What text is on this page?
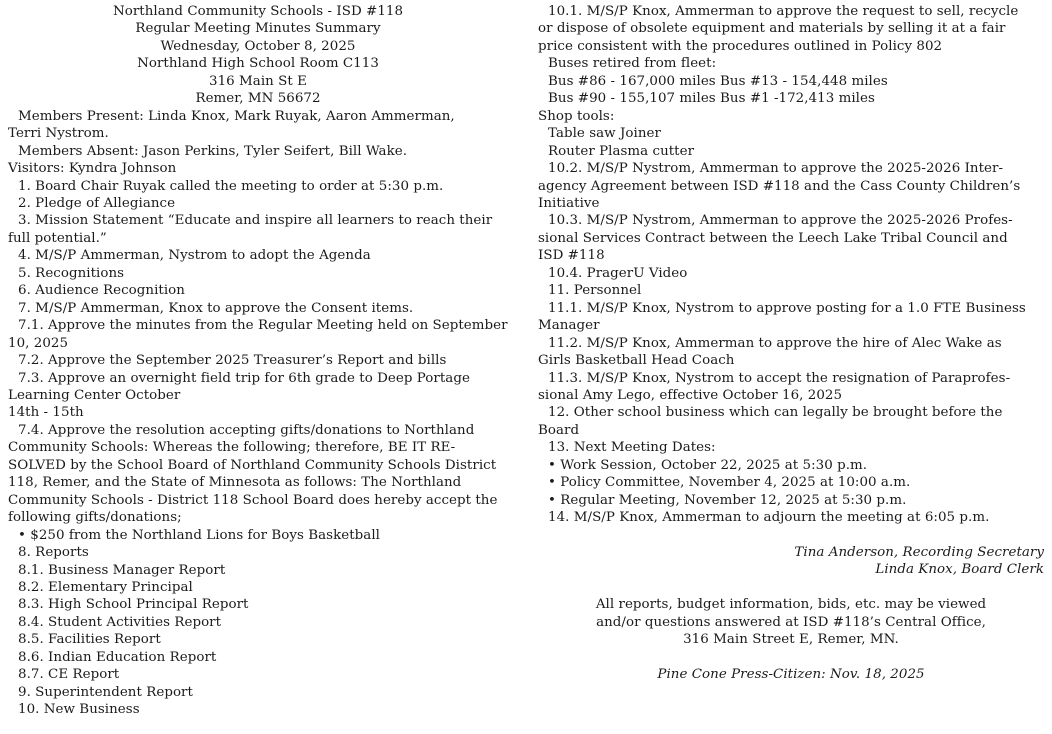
Northland Community Schools - ISD #118
Regular Meeting Minutes Summary
Wednesday, October 8, 2025
Northland High School Room C113
316 Main St E
Remer, MN 56672
Members Present: Linda Knox, Mark Ruyak, Aaron Ammerman,
Terri Nystrom.
Members Absent: Jason Perkins, Tyler Seifert, Bill Wake.
Visitors: Kyndra Johnson
1. Board Chair Ruyak called the meeting to order at 5:30 p.m.
2. Pledge of Allegiance
3. Mission Statement “Educate and inspire all learners to reach their
full potential.”
4. M/S/P Ammerman, Nystrom to adopt the Agenda
5. Recognitions
6. Audience Recognition
7. M/S/P Ammerman, Knox to approve the Consent items.
7.1. Approve the minutes from the Regular Meeting held on September
10, 2025
7.2. Approve the September 2025 Treasurer’s Report and bills
7.3. Approve an overnight field trip for 6th grade to Deep Portage
Learning Center October
14th - 15th
7.4. Approve the resolution accepting gifts/donations to Northland
Community Schools: Whereas the following; therefore, BE IT RE-
SOLVED by the School Board of Northland Community Schools District
118, Remer, and the State of Minnesota as follows: The Northland
Community Schools - District 118 School Board does hereby accept the
following gifts/donations;
• $250 from the Northland Lions for Boys Basketball
8. Reports
8.1. Business Manager Report
8.2. Elementary Principal
8.3. High School Principal Report
8.4. Student Activities Report
8.5. Facilities Report
8.6. Indian Education Report
8.7. CE Report
9. Superintendent Report
10. New Business
10.1. M/S/P Knox, Ammerman to approve the request to sell, recycle
or dispose of obsolete equipment and materials by selling it at a fair
price consistent with the procedures outlined in Policy 802
Buses retired from fleet:
Bus #86 - 167,000 miles Bus #13 - 154,448 miles
Bus #90 - 155,107 miles Bus #1 -172,413 miles
Shop tools:
Table saw Joiner
Router Plasma cutter
10.2. M/S/P Nystrom, Ammerman to approve the 2025-2026 Inter-
agency Agreement between ISD #118 and the Cass County Children’s
Initiative
10.3. M/S/P Nystrom, Ammerman to approve the 2025-2026 Profes-
sional Services Contract between the Leech Lake Tribal Council and
ISD #118
10.4. PragerU Video
11. Personnel
11.1. M/S/P Knox, Nystrom to approve posting for a 1.0 FTE Business
Manager
11.2. M/S/P Knox, Ammerman to approve the hire of Alec Wake as
Girls Basketball Head Coach
11.3. M/S/P Knox, Nystrom to accept the resignation of Paraprofes-
sional Amy Lego, effective October 16, 2025
12. Other school business which can legally be brought before the
Board
13. Next Meeting Dates:
• Work Session, October 22, 2025 at 5:30 p.m.
• Policy Committee, November 4, 2025 at 10:00 a.m.
• Regular Meeting, November 12, 2025 at 5:30 p.m.
14. M/S/P Knox, Ammerman to adjourn the meeting at 6:05 p.m.
Tina Anderson, Recording Secretary
Linda Knox, Board Clerk
All reports, budget information, bids, etc. may be viewed
and/or questions answered at ISD #118’s Central Office,
316 Main Street E, Remer, MN.
Pine Cone Press-Citizen: Nov. 18, 2025
